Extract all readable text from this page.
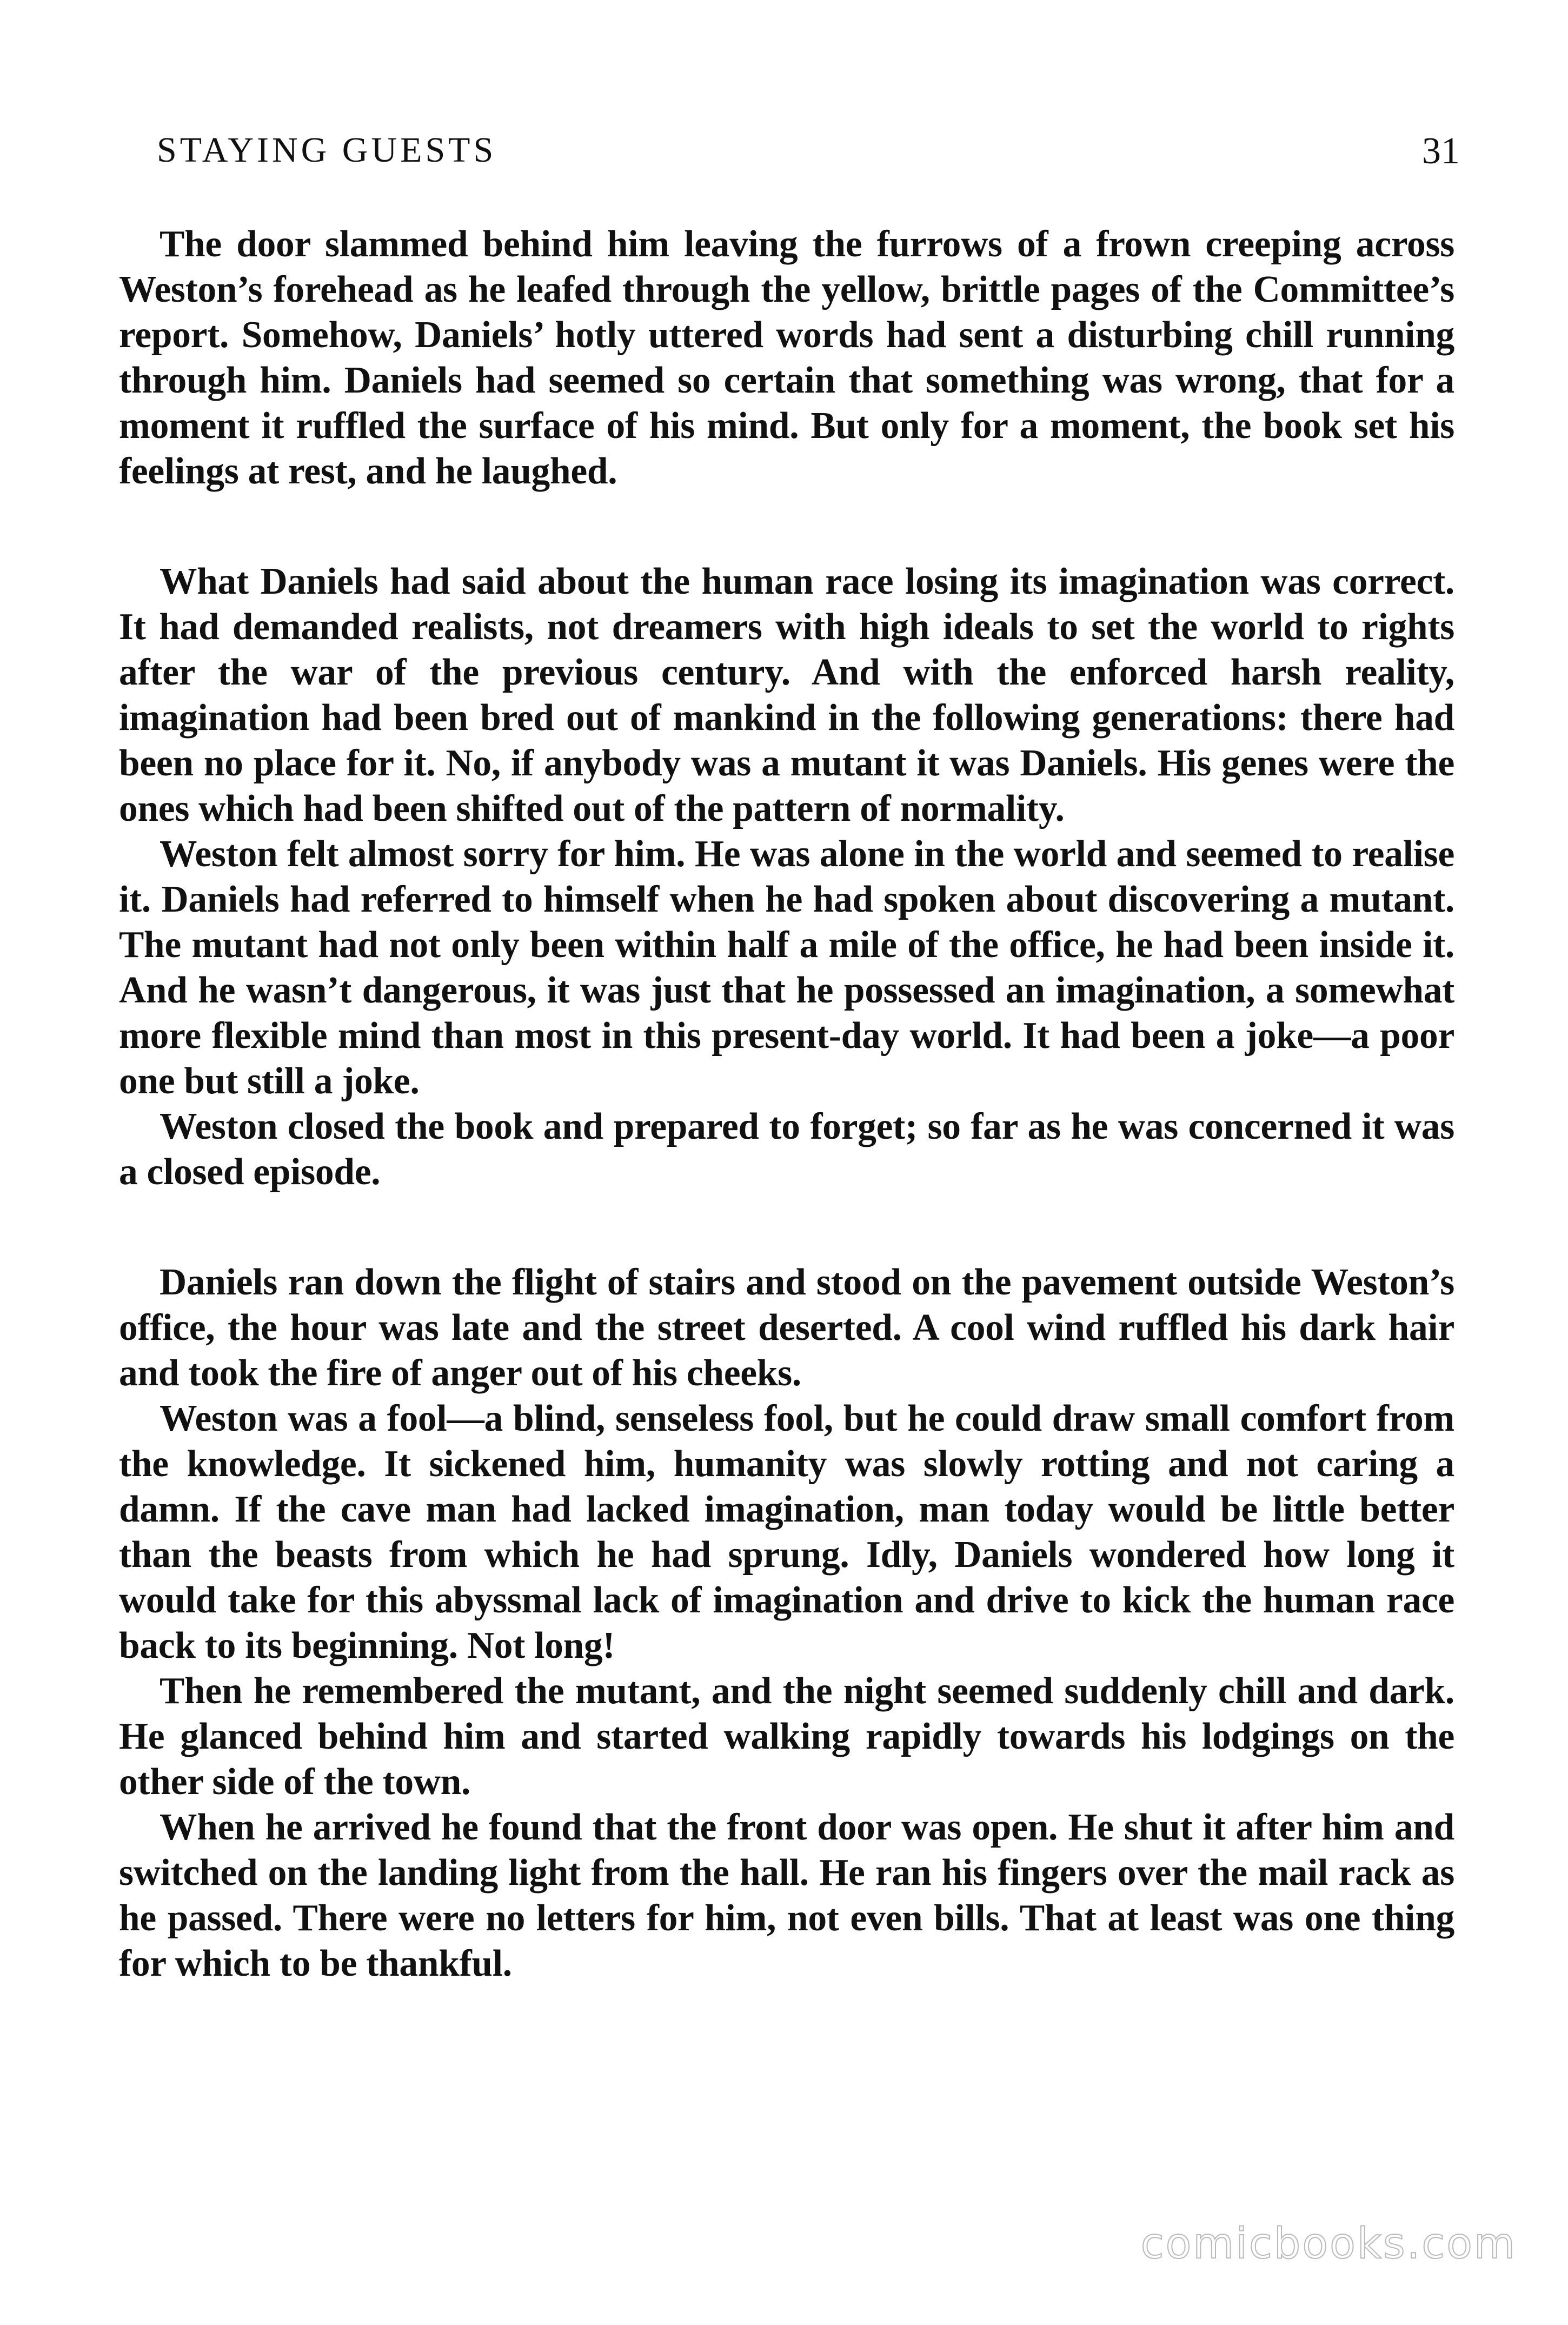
STAYING GUESTS	31

The door slammed behind him leaving the furrows of a frown creeping across Weston’s forehead as he leafed through the yellow, brittle pages of the Committee’s report. Somehow, Daniels’ hotly uttered words had sent a disturbing chill running through him. Daniels had seemed so certain that something was wrong, that for a moment it ruffled the surface of his mind. But only for a moment, the book set his feelings at rest, and he laughed.

What Daniels had said about the human race losing its imagination was correct. It had demanded realists, not dreamers with high ideals to set the world to rights after the war of the previous century. And with the enforced harsh reality, imagination had been bred out of mankind in the following generations: there had been no place for it. No, if anybody was a mutant it was Daniels. His genes were the ones which had been shifted out of the pattern of normality.

Weston felt almost sorry for him. He was alone in the world and seemed to realise it. Daniels had referred to himself when he had spoken about discovering a mutant. The mutant had not only been within half a mile of the office, he had been inside it. And he wasn’t dangerous, it was just that he possessed an imagination, a somewhat more flexible mind than most in this present-day world. It had been a joke—a poor one but still a joke.

Weston closed the book and prepared to forget; so far as he was concerned it was a closed episode.

Daniels ran down the flight of stairs and stood on the pavement outside Weston’s office, the hour was late and the street deserted. A cool wind ruffled his dark hair and took the fire of anger out of his cheeks.

Weston was a fool—a blind, senseless fool, but he could draw small comfort from the knowledge. It sickened him, humanity was slowly rotting and not caring a damn. If the cave man had lacked imagination, man today would be little better than the beasts from which he had sprung. Idly, Daniels wondered how long it would take for this abyssmal lack of imagination and drive to kick the human race back to its beginning. Not long!

Then he remembered the mutant, and the night seemed suddenly chill and dark. He glanced behind him and started walking rapidly towards his lodgings on the other side of the town.

When he arrived he found that the front door was open. He shut it after him and switched on the landing light from the hall. He ran his fingers over the mail rack as he passed. There were no letters for him, not even bills. That at least was one thing for which to be thankful.

comicbooks.com
